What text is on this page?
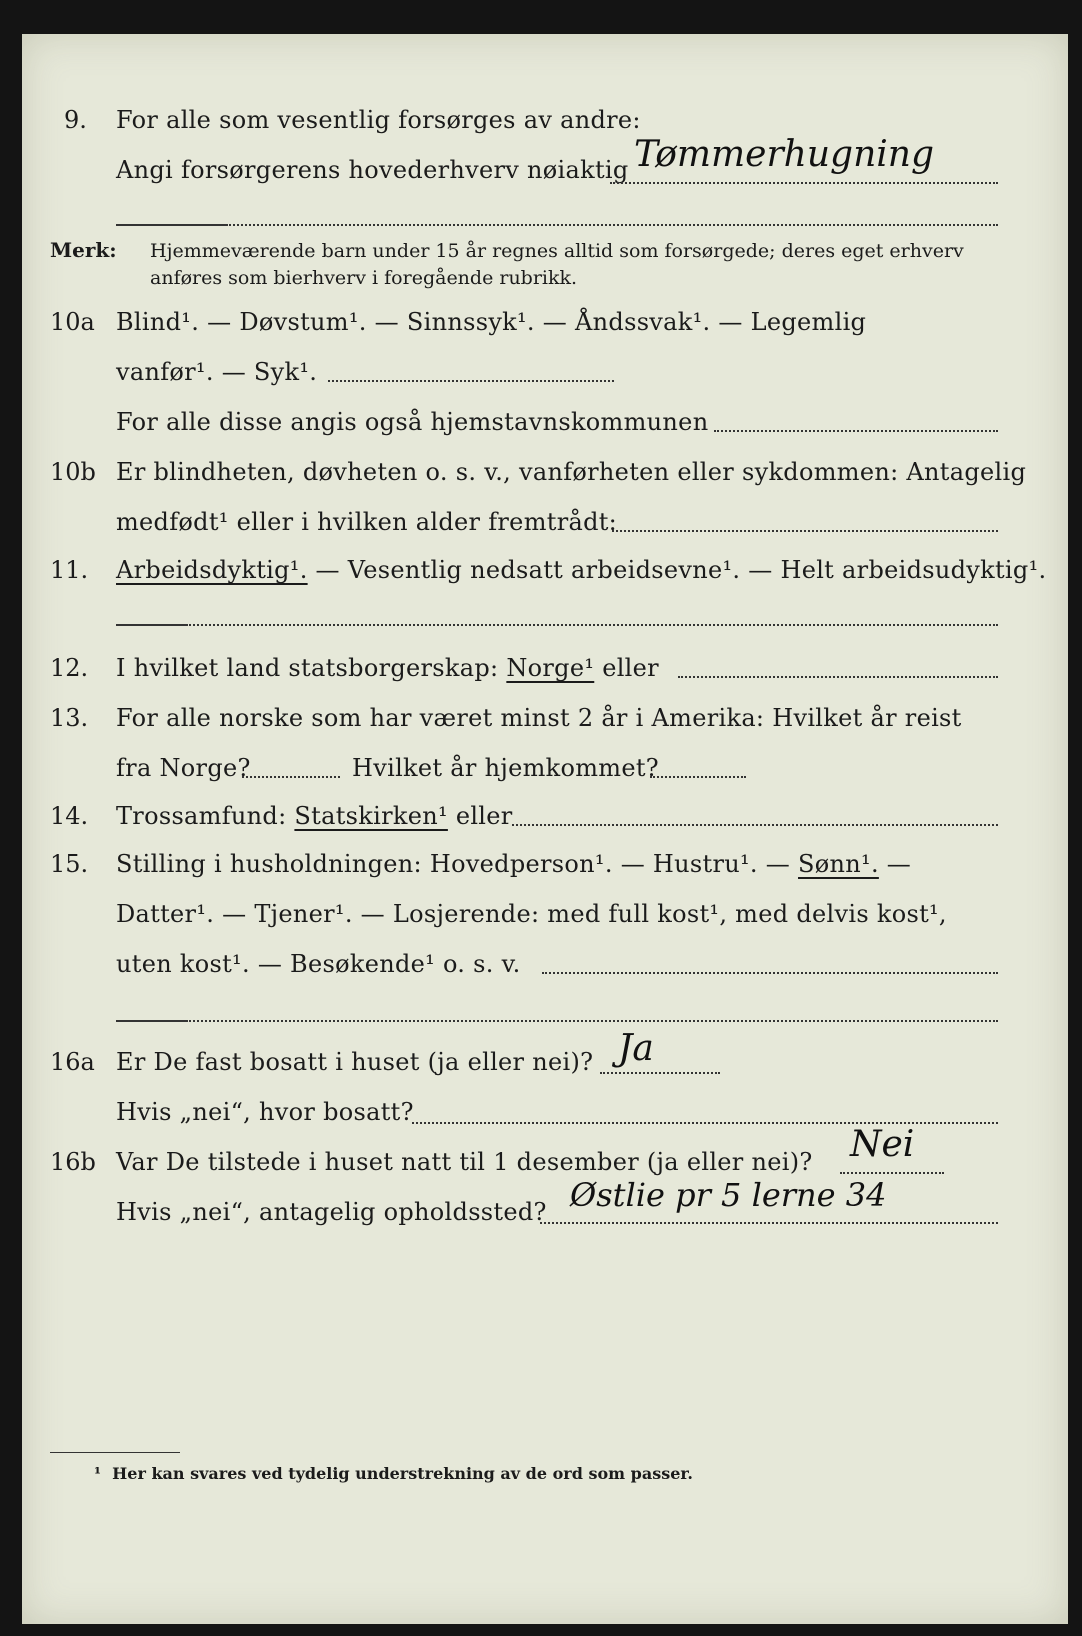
9. For alle som vesentlig forsørges av andre:
Angi forsørgerens hovederhverv nøiaktig Tømmerhugning
Merk: Hjemmeværende barn under 15 år regnes alltid som forsørgede; deres eget erhverv
anføres som bierhverv i foregående rubrikk.
10a Blind¹. — Døvstum¹. — Sinnssyk¹. — Åndssvak¹. — Legemlig
vanfør¹. — Syk¹.
For alle disse angis også hjemstavnskommunen
10b Er blindheten, døvheten o. s. v., vanførheten eller sykdommen: Antagelig
medfødt¹ eller i hvilken alder fremtrådt:
11. Arbeidsdyktig¹. — Vesentlig nedsatt arbeidsevne¹. — Helt arbeidsudyktig¹.
12. I hvilket land statsborgerskap: Norge¹ eller
13. For alle norske som har været minst 2 år i Amerika: Hvilket år reist
fra Norge?	Hvilket år hjemkommet?
14. Trossamfund: Statskirken¹ eller
15. Stilling i husholdningen: Hovedperson¹. — Hustru¹. — Sønn¹. —
Datter¹. — Tjener¹. — Losjerende: med full kost¹, med delvis kost¹,
uten kost¹. — Besøkende¹ o. s. v.
16a Er De fast bosatt i huset (ja eller nei)? Ja
Hvis „nei“, hvor bosatt?
16b Var De tilstede i huset natt til 1 desember (ja eller nei)? Nei
Hvis „nei“, antagelig opholdssted? Østlie pr 5 lerne 34
¹ Her kan svares ved tydelig understrekning av de ord som passer.
